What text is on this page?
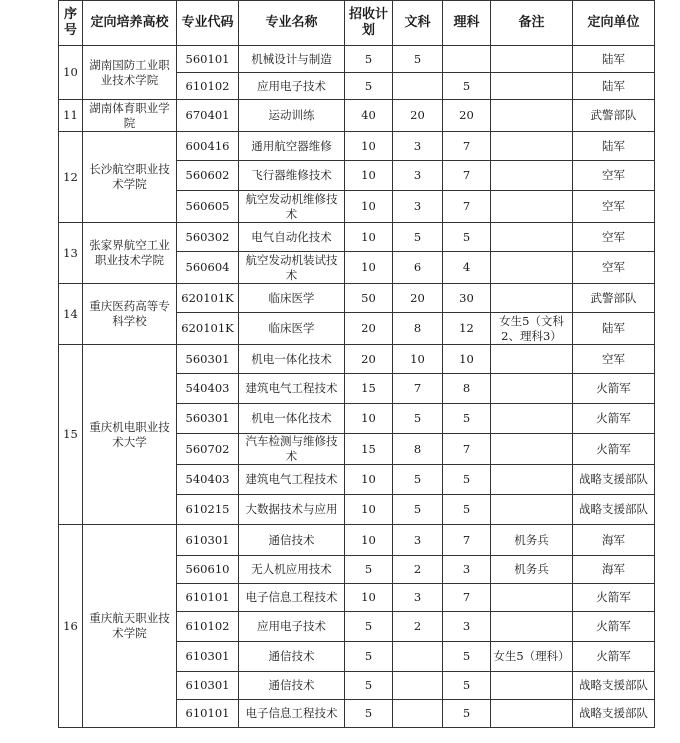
序号	定向培养高校	专业代码	专业名称	招收计划	文科	理科	备注	定向单位
10	湖南国防工业职业技术学院	560101	机械设计与制造	5	5			陆军
		610102	应用电子技术	5		5		陆军
11	湖南体育职业学院	670401	运动训练	40	20	20		武警部队
12	长沙航空职业技术学院	600416	通用航空器维修	10	3	7		陆军
		560602	飞行器维修技术	10	3	7		空军
		560605	航空发动机维修技术	10	3	7		空军
13	张家界航空工业职业技术学院	560302	电气自动化技术	10	5	5		空军
		560604	航空发动机装试技术	10	6	4		空军
14	重庆医药高等专科学校	620101K	临床医学	50	20	30		武警部队
		620101K	临床医学	20	8	12	女生5（文科2、理科3）	陆军
15	重庆机电职业技术大学	560301	机电一体化技术	20	10	10		空军
		540403	建筑电气工程技术	15	7	8		火箭军
		560301	机电一体化技术	10	5	5		火箭军
		560702	汽车检测与维修技术	15	8	7		火箭军
		540403	建筑电气工程技术	10	5	5		战略支援部队
		610215	大数据技术与应用	10	5	5		战略支援部队
16	重庆航天职业技术学院	610301	通信技术	10	3	7	机务兵	海军
		560610	无人机应用技术	5	2	3	机务兵	海军
		610101	电子信息工程技术	10	3	7		火箭军
		610102	应用电子技术	5	2	3		火箭军
		610301	通信技术	5		5	女生5（理科）	火箭军
		610301	通信技术	5		5		战略支援部队
		610101	电子信息工程技术	5		5		战略支援部队
